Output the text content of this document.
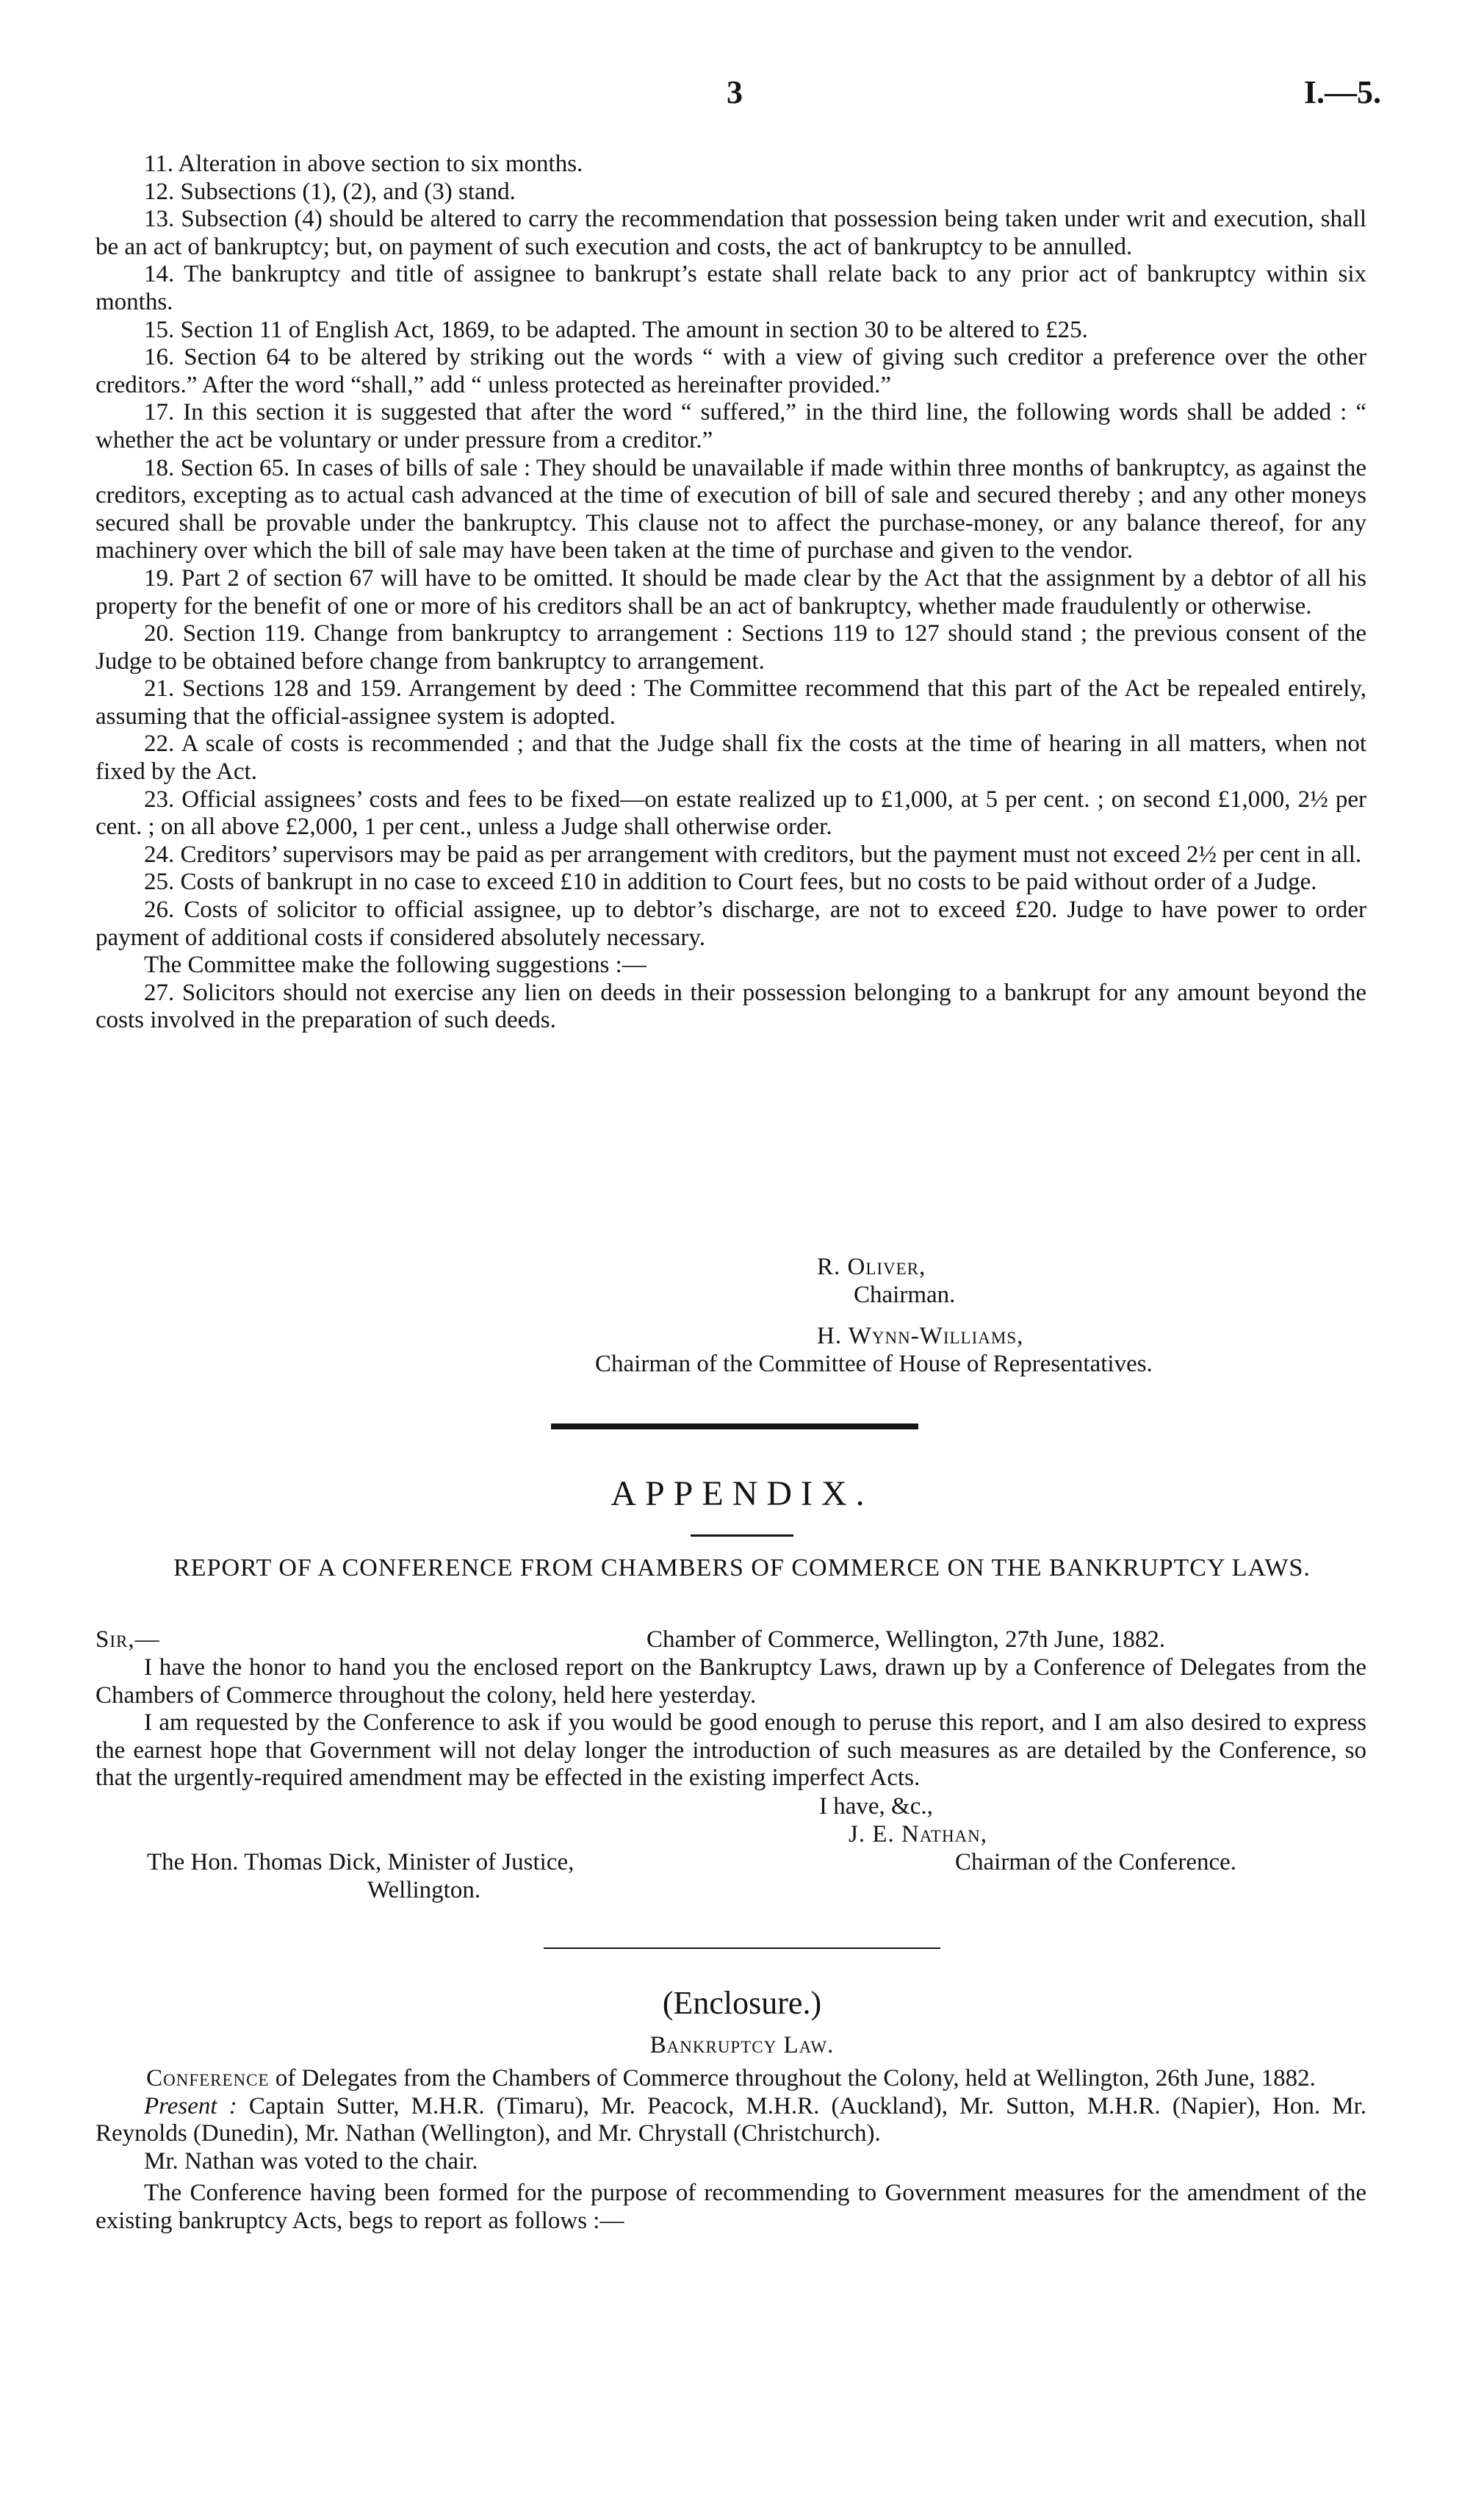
3	I.—5.

11. Alteration in above section to six months.

12. Subsections (1), (2), and (3) stand.

13. Subsection (4) should be altered to carry the recommendation that possession being taken under writ and execution, shall be an act of bankruptcy; but, on payment of such execution and costs, the act of bankruptcy to be annulled.

14. The bankruptcy and title of assignee to bankrupt’s estate shall relate back to any prior act of bankruptcy within six months.

15. Section 11 of English Act, 1869, to be adapted. The amount in section 30 to be altered to £25.

16. Section 64 to be altered by striking out the words “ with a view of giving such creditor a preference over the other creditors.” After the word “shall,” add “ unless protected as hereinafter provided.”

17. In this section it is suggested that after the word “ suffered,” in the third line, the following words shall be added : “ whether the act be voluntary or under pressure from a creditor.”

18. Section 65. In cases of bills of sale : They should be unavailable if made within three months of bankruptcy, as against the creditors, excepting as to actual cash advanced at the time of execution of bill of sale and secured thereby ; and any other moneys secured shall be provable under the bankruptcy. This clause not to affect the purchase-money, or any balance thereof, for any machinery over which the bill of sale may have been taken at the time of purchase and given to the vendor.

19. Part 2 of section 67 will have to be omitted. It should be made clear by the Act that the assignment by a debtor of all his property for the benefit of one or more of his creditors shall be an act of bankruptcy, whether made fraudulently or otherwise.

20. Section 119. Change from bankruptcy to arrangement : Sections 119 to 127 should stand ; the previous consent of the Judge to be obtained before change from bankruptcy to arrangement.

21. Sections 128 and 159. Arrangement by deed : The Committee recommend that this part of the Act be repealed entirely, assuming that the official-assignee system is adopted.

22. A scale of costs is recommended ; and that the Judge shall fix the costs at the time of hearing in all matters, when not fixed by the Act.

23. Official assignees’ costs and fees to be fixed—on estate realized up to £1,000, at 5 per cent. ; on second £1,000, 2½ per cent. ; on all above £2,000, 1 per cent., unless a Judge shall otherwise order.

24. Creditors’ supervisors may be paid as per arrangement with creditors, but the payment must not exceed 2½ per cent in all.

25. Costs of bankrupt in no case to exceed £10 in addition to Court fees, but no costs to be paid without order of a Judge.

26. Costs of solicitor to official assignee, up to debtor’s discharge, are not to exceed £20. Judge to have power to order payment of additional costs if considered absolutely necessary.

The Committee make the following suggestions :—

27. Solicitors should not exercise any lien on deeds in their possession belonging to a bankrupt for any amount beyond the costs involved in the preparation of such deeds.

R. Oliver,
Chairman.
H. Wynn-Williams,
Chairman of the Committee of House of Representatives.
APPENDIX.
REPORT OF A CONFERENCE FROM CHAMBERS OF COMMERCE ON THE BANKRUPTCY LAWS.
Sir,—	Chamber of Commerce, Wellington, 27th June, 1882.

I have the honor to hand you the enclosed report on the Bankruptcy Laws, drawn up by a Conference of Delegates from the Chambers of Commerce throughout the colony, held here yesterday.

I am requested by the Conference to ask if you would be good enough to peruse this report, and I am also desired to express the earnest hope that Government will not delay longer the introduction of such measures as are detailed by the Conference, so that the urgently-required amendment may be effected in the existing imperfect Acts.

I have, &c.,
J. E. Nathan,
The Hon. Thomas Dick, Minister of Justice,	Chairman of the Conference.
Wellington.
(Enclosure.)
Bankruptcy Law.

Conference of Delegates from the Chambers of Commerce throughout the Colony, held at Wellington, 26th June, 1882.

Present : Captain Sutter, M.H.R. (Timaru), Mr. Peacock, M.H.R. (Auckland), Mr. Sutton, M.H.R. (Napier), Hon. Mr. Reynolds (Dunedin), Mr. Nathan (Wellington), and Mr. Chrystall (Christchurch).

Mr. Nathan was voted to the chair.

The Conference having been formed for the purpose of recommending to Government measures for the amendment of the existing bankruptcy Acts, begs to report as follows :—
